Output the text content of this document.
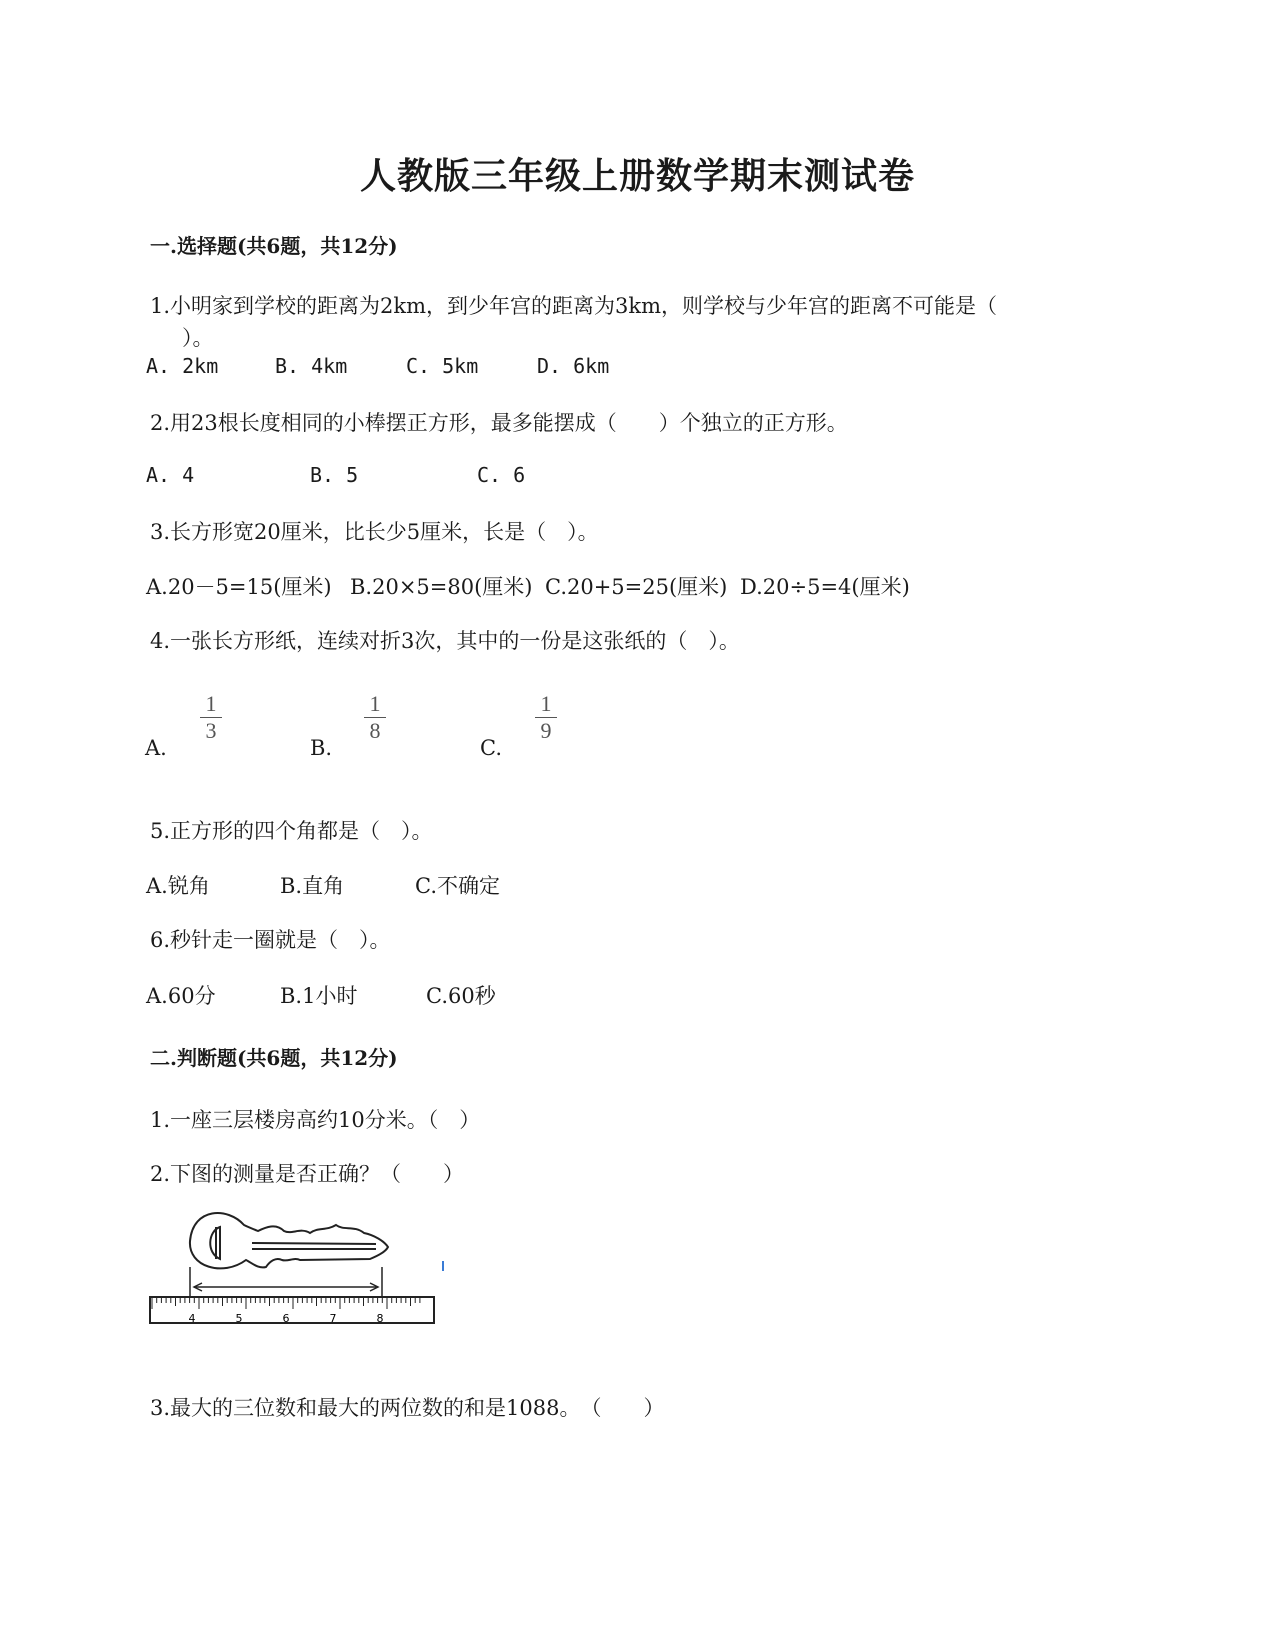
人教版三年级上册数学期末测试卷
一.选择题(共6题，共12分)
1.小明家到学校的距离为2km，到少年宫的距离为3km，则学校与少年宫的距离不可能是（
）。
A. 2km	B. 4km	C. 5km	D. 6km
2.用23根长度相同的小棒摆正方形，最多能摆成（　　）个独立的正方形。
A. 4	B. 5	C. 6
3.长方形宽20厘米，比长少5厘米，长是（　）。
A.20－5=15(厘米) B.20×5=80(厘米) C.20+5=25(厘米) D.20÷5=4(厘米)
4.一张长方形纸，连续对折3次，其中的一份是这张纸的（　）。
A.
1
3
B.
1
8
C.
1
9
5.正方形的四个角都是（　）。
A.锐角	B.直角	C.不确定
6.秒针走一圈就是（　）。
A.60分	B.1小时	C.60秒
二.判断题(共6题，共12分)
1.一座三层楼房高约10分米。（　）
2.下图的测量是否正确？（　　）
4	5	6	7	8
3.最大的三位数和最大的两位数的和是1088。　（　　）
